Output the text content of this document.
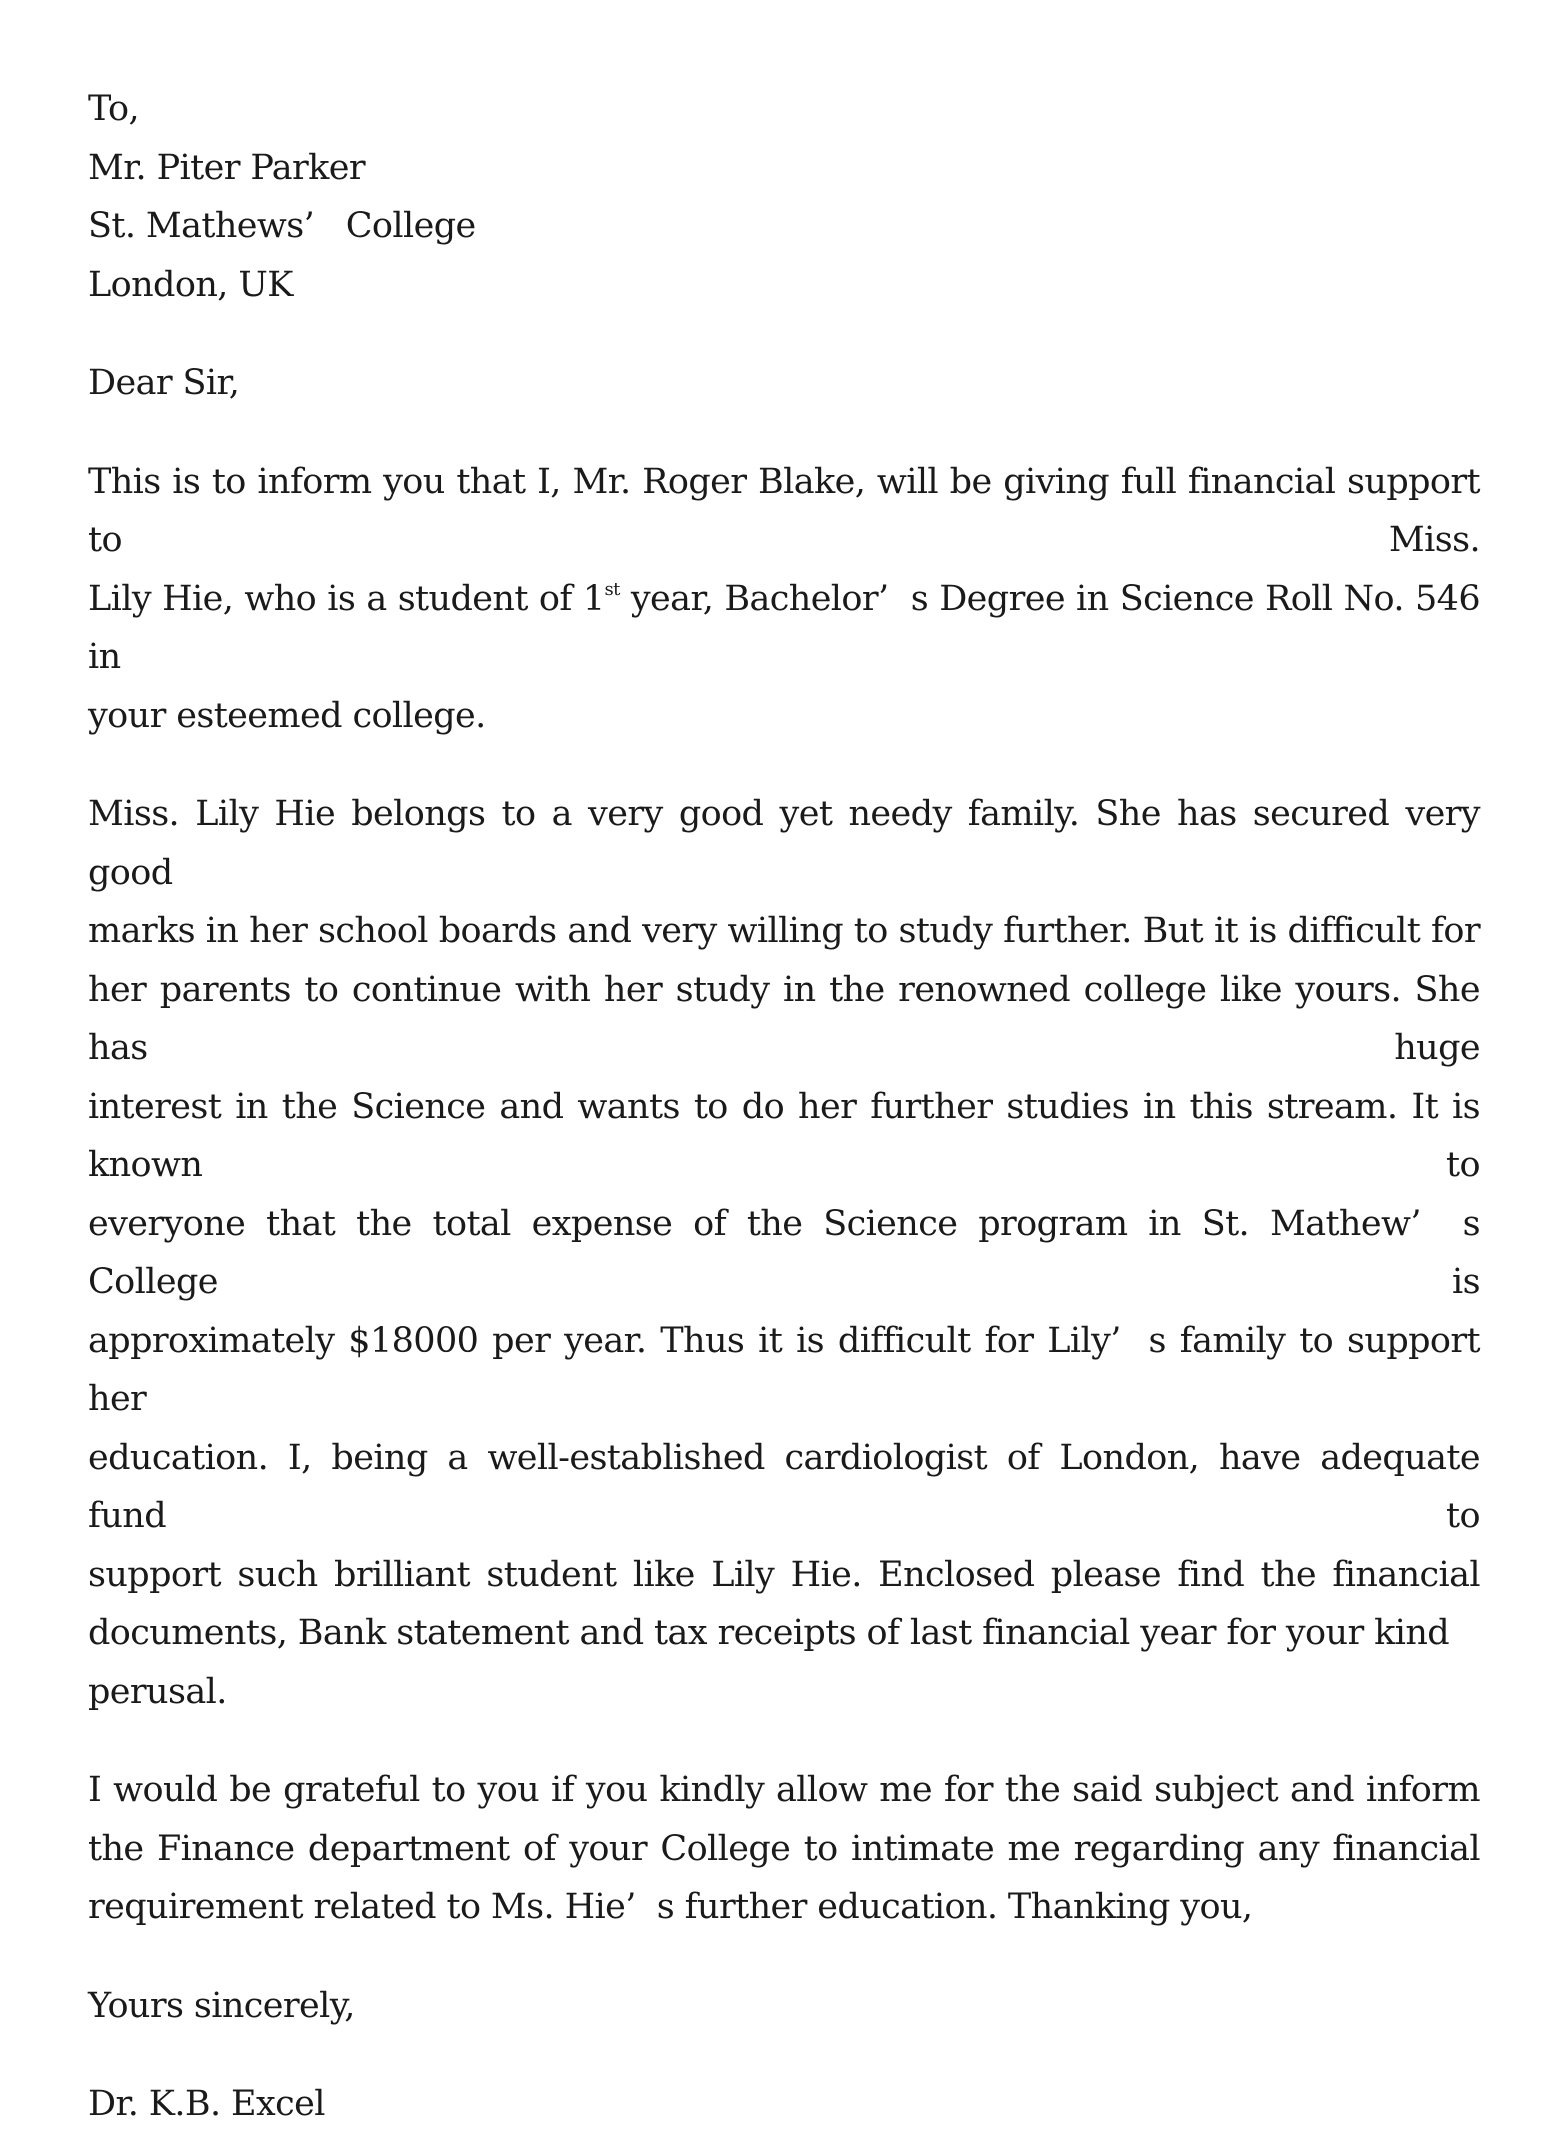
To,
Mr. Piter Parker
St. Mathews’   College
London, UK
Dear Sir,
This is to inform you that I, Mr. Roger Blake, will be giving full financial support to Miss.
Lily Hie, who is a student of 1st year, Bachelor’  s Degree in Science Roll No. 546 in
your esteemed college.
Miss. Lily Hie belongs to a very good yet needy family. She has secured very good
marks in her school boards and very willing to study further. But it is difficult for
her parents to continue with her study in the renowned college like yours. She has huge
interest in the Science and wants to do her further studies in this stream. It is known to
everyone that the total expense of the Science program in St. Mathew’  s College is
approximately $18000 per year. Thus it is difficult for Lily’  s family to support her
education. I, being a well-established cardiologist of London, have adequate fund to
support such brilliant student like Lily Hie. Enclosed please find the financial
documents, Bank statement and tax receipts of last financial year for your kind perusal.
I would be grateful to you if you kindly allow me for the said subject and inform
the Finance department of your College to intimate me regarding any financial
requirement related to Ms. Hie’  s further education. Thanking you,
Yours sincerely,
Dr. K.B. Excel
